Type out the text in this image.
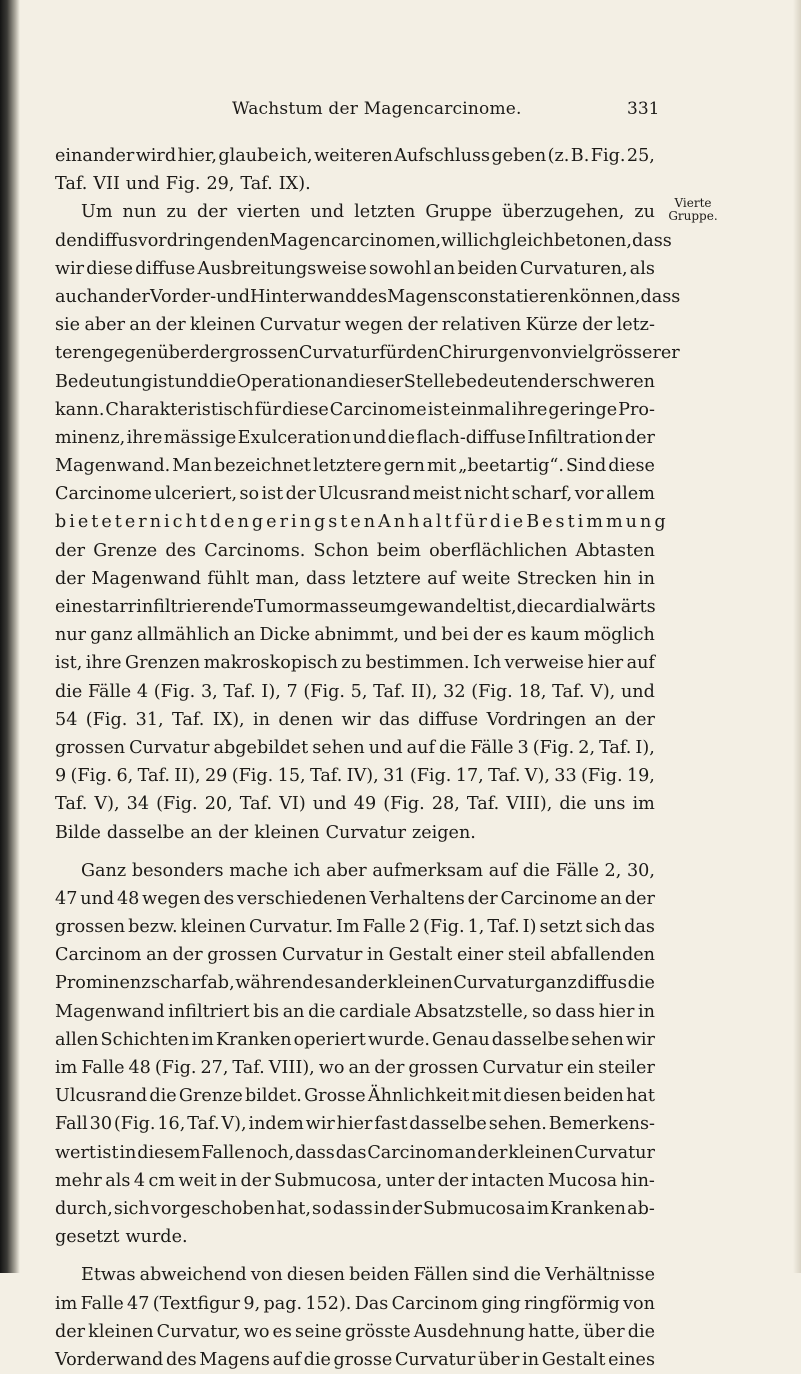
Wachstum der Magencarcinome.	331
Vierte
Gruppe.
einander wird hier, glaube ich, weiteren Aufschluss geben (z. B. Fig. 25,
Taf. VII und Fig. 29, Taf. IX).
Um nun zu der vierten und letzten Gruppe überzugehen, zu
den diffus vordringenden Magencarcinomen, will ich gleich betonen, dass
wir diese diffuse Ausbreitungsweise sowohl an beiden Curvaturen, als
auch an der Vorder- und Hinterwand des Magens constatieren können, dass
sie aber an der kleinen Curvatur wegen der relativen Kürze der letz-
teren gegenüber der grossen Curvatur für den Chirurgen von viel grösserer
Bedeutung ist und die Operation an dieser Stelle bedeutend erschweren
kann. Charakteristisch für diese Carcinome ist einmal ihre geringe Pro-
minenz, ihre mässige Exulceration und die flach-diffuse Infiltration der
Magenwand. Man bezeichnet letztere gern mit „beetartig“. Sind diese
Carcinome ulceriert, so ist der Ulcusrand meist nicht scharf, vor allem
bietet er nicht den geringsten Anhalt für die Bestimmung
der Grenze des Carcinoms. Schon beim oberflächlichen Abtasten
der Magenwand fühlt man, dass letztere auf weite Strecken hin in
eine starr infiltrierende Tumormasse umgewandelt ist, die cardialwärts
nur ganz allmählich an Dicke abnimmt, und bei der es kaum möglich
ist, ihre Grenzen makroskopisch zu bestimmen. Ich verweise hier auf
die Fälle 4 (Fig. 3, Taf. I), 7 (Fig. 5, Taf. II), 32 (Fig. 18, Taf. V), und
54 (Fig. 31, Taf. IX), in denen wir das diffuse Vordringen an der
grossen Curvatur abgebildet sehen und auf die Fälle 3 (Fig. 2, Taf. I),
9 (Fig. 6, Taf. II), 29 (Fig. 15, Taf. IV), 31 (Fig. 17, Taf. V), 33 (Fig. 19,
Taf. V), 34 (Fig. 20, Taf. VI) und 49 (Fig. 28, Taf. VIII), die uns im
Bilde dasselbe an der kleinen Curvatur zeigen.
Ganz besonders mache ich aber aufmerksam auf die Fälle 2, 30,
47 und 48 wegen des verschiedenen Verhaltens der Carcinome an der
grossen bezw. kleinen Curvatur. Im Falle 2 (Fig. 1, Taf. I) setzt sich das
Carcinom an der grossen Curvatur in Gestalt einer steil abfallenden
Prominenz scharf ab, während es an der kleinen Curvatur ganz diffus die
Magenwand infiltriert bis an die cardiale Absatzstelle, so dass hier in
allen Schichten im Kranken operiert wurde. Genau dasselbe sehen wir
im Falle 48 (Fig. 27, Taf. VIII), wo an der grossen Curvatur ein steiler
Ulcusrand die Grenze bildet. Grosse Ähnlichkeit mit diesen beiden hat
Fall 30 (Fig. 16, Taf. V), indem wir hier fast dasselbe sehen. Bemerkens-
wert ist in diesem Falle noch, dass das Carcinom an der kleinen Curvatur
mehr als 4 cm weit in der Submucosa, unter der intacten Mucosa hin-
durch, sich vorgeschoben hat, so dass in der Submucosa im Kranken ab-
gesetzt wurde.
Etwas abweichend von diesen beiden Fällen sind die Verhältnisse
im Falle 47 (Textfigur 9, pag. 152). Das Carcinom ging ringförmig von
der kleinen Curvatur, wo es seine grösste Ausdehnung hatte, über die
Vorderwand des Magens auf die grosse Curvatur über in Gestalt eines
